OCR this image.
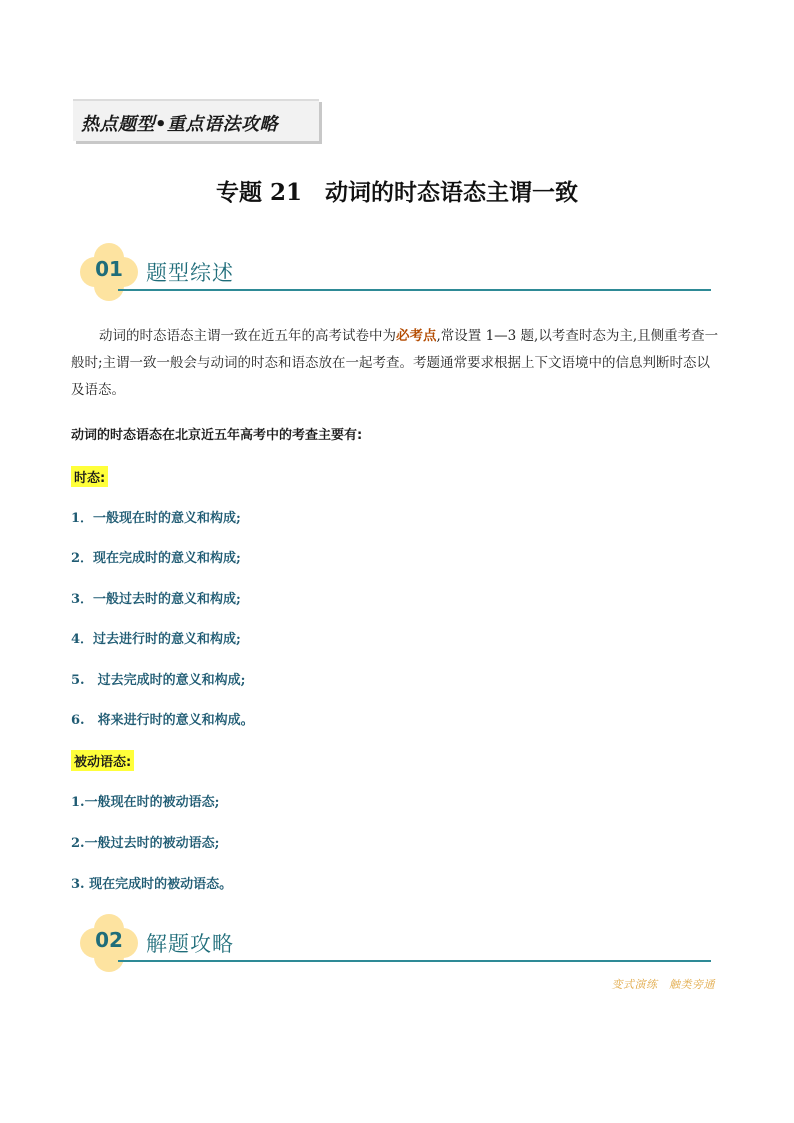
热点题型•重点语法攻略
专题 21　动词的时态语态主谓一致
01	题型综述
动词的时态语态主谓一致在近五年的高考试卷中为必考点,常设置 1—3 题,以考查时态为主,且侧重考查一般时;主谓一致一般会与动词的时态和语态放在一起考查。考题通常要求根据上下文语境中的信息判断时态以及语态。
动词的时态语态在北京近五年高考中的考查主要有:
时态:
1．一般现在时的意义和构成;
2．现在完成时的意义和构成;
3．一般过去时的意义和构成;
4．过去进行时的意义和构成;
5.　过去完成时的意义和构成;
6.　将来进行时的意义和构成。
被动语态:
1.一般现在时的被动语态;
2.一般过去时的被动语态;
3. 现在完成时的被动语态。
02	解题攻略
变式演练　触类旁通
